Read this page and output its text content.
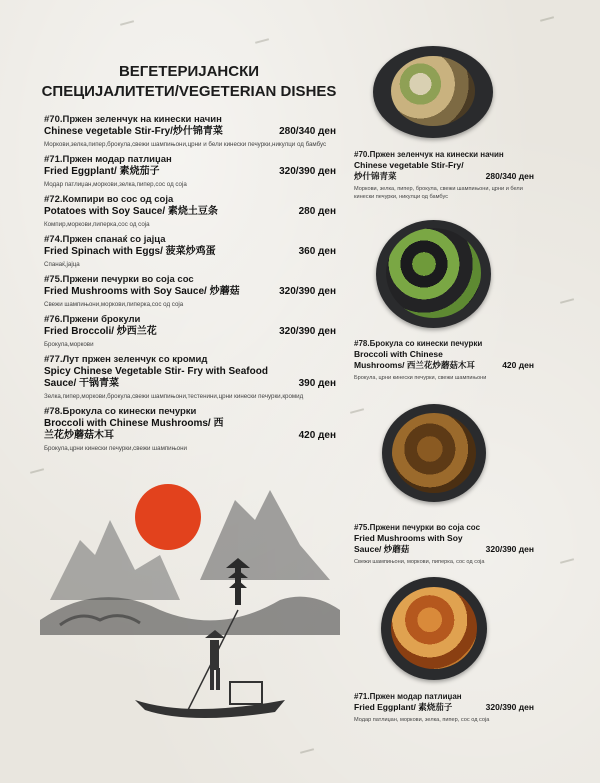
ВЕГЕТЕРИЈАНСКИ
СПЕЦИЈАЛИТЕТИ/VEGETERIAN DISHES
#70.Пржен зеленчук на кинески начин
Chinese vegetable Stir-Fry/炒什锦青菜	280/340 ден
Моркови,зелка,пипер,брокула,свежи шампињони,црни и бели кинески печурки,никулци од бамбус
#71.Пржен модар патлиџан
Fried Eggplant/ 素烧茄子	320/390 ден
Модар патлиџан,моркови,зелка,пипер,сос од соја
#72.Компири во сос од соја
Potatoes with Soy Sauce/ 素烧土豆条	280 ден
Компир,моркови,пиперка,сос од соја
#74.Пржен спанаќ со јајца
Fried Spinach with Eggs/ 菠菜炒鸡蛋	360 ден
Спанаќ,јајца
#75.Пржени печурки во соја сос
Fried Mushrooms with Soy Sauce/ 炒蘑菇	320/390 ден
Свежи шампињони,моркови,пиперка,сос од соја
#76.Пржени брокули
Fried Broccoli/ 炒西兰花	320/390 ден
Брокула,моркови
#77.Лут пржен зеленчук со кромид
Spicy Chinese Vegetable Stir- Fry with Seafood Sauce/ 干锅青菜	390 ден
Зелка,пипер,моркови,брокула,свежи шампињони,тестенини,црни кинески печурки,кромид
#78.Брокула со кинески печурки
Broccoli with Chinese Mushrooms/ 西兰花炒蘑菇木耳	420 ден
Брокула,црни кинески печурки,свежи шампињони
#70.Пржен зеленчук на кинески начин
Chinese vegetable Stir-Fry/ 炒什锦青菜	280/340 ден
Моркови, зелка, пипер, брокула, свежи шампињони, црни и бели кинески печурки, никулци од бамбус
#78.Брокула со кинески печурки
Broccoli with Chinese Mushrooms/ 西兰花炒蘑菇木耳	420 ден
Брокула, црни кинески печурки, свежи шампињони
#75.Пржени печурки во соја сос
Fried Mushrooms with Soy Sauce/ 炒蘑菇	320/390 ден
Свежи шампињони, моркови, пиперка, сос од соја
#71.Пржен модар патлиџан
Fried Eggplant/ 素烧茄子	320/390 ден
Модар патлиџан, моркови, зелка, пипер, сос од соја
